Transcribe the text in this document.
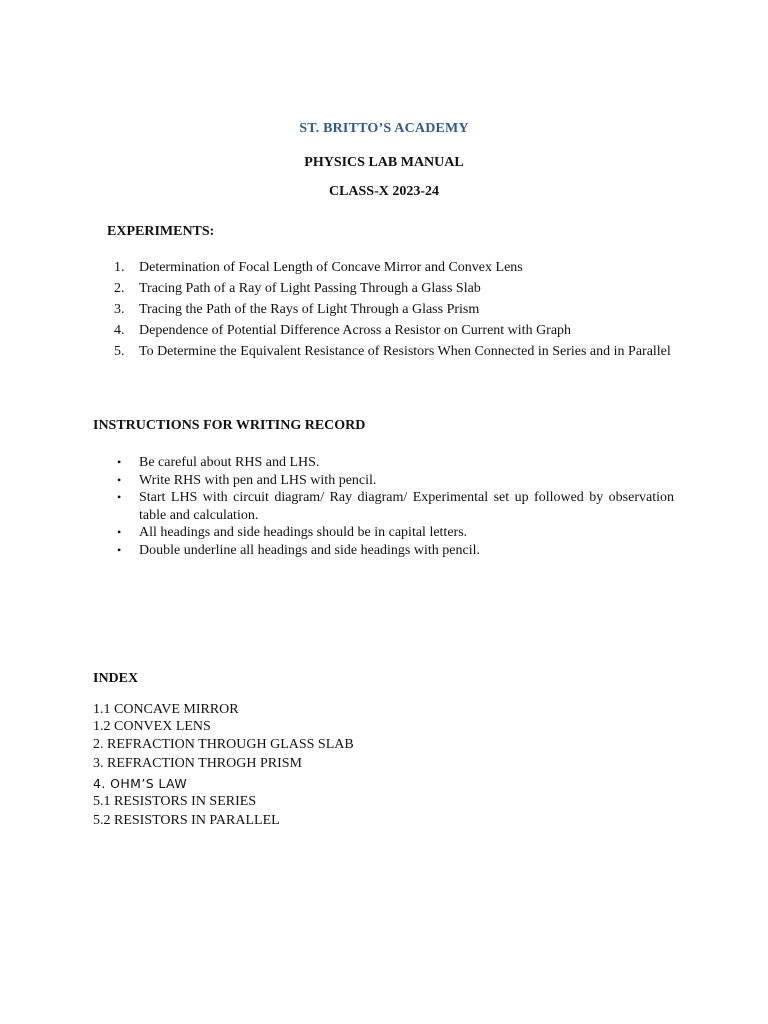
ST. BRITTO’S ACADEMY
PHYSICS LAB MANUAL
CLASS-X 2023-24
EXPERIMENTS:
1. Determination of Focal Length of Concave Mirror and Convex Lens
2. Tracing Path of a Ray of Light Passing Through a Glass Slab
3. Tracing the Path of the Rays of Light Through a Glass Prism
4. Dependence of Potential Difference Across a Resistor on Current with Graph
5. To Determine the Equivalent Resistance of Resistors When Connected in Series and in Parallel
INSTRUCTIONS FOR WRITING RECORD
• Be careful about RHS and LHS.
• Write RHS with pen and LHS with pencil.
• Start LHS with circuit diagram/ Ray diagram/ Experimental set up followed by observation table and calculation.
• All headings and side headings should be in capital letters.
• Double underline all headings and side headings with pencil.
INDEX
1.1 CONCAVE MIRROR
1.2 CONVEX LENS
2. REFRACTION THROUGH GLASS SLAB
3. REFRACTION THROGH PRISM
4. OHM’S LAW
5.1 RESISTORS IN SERIES
5.2 RESISTORS IN PARALLEL
